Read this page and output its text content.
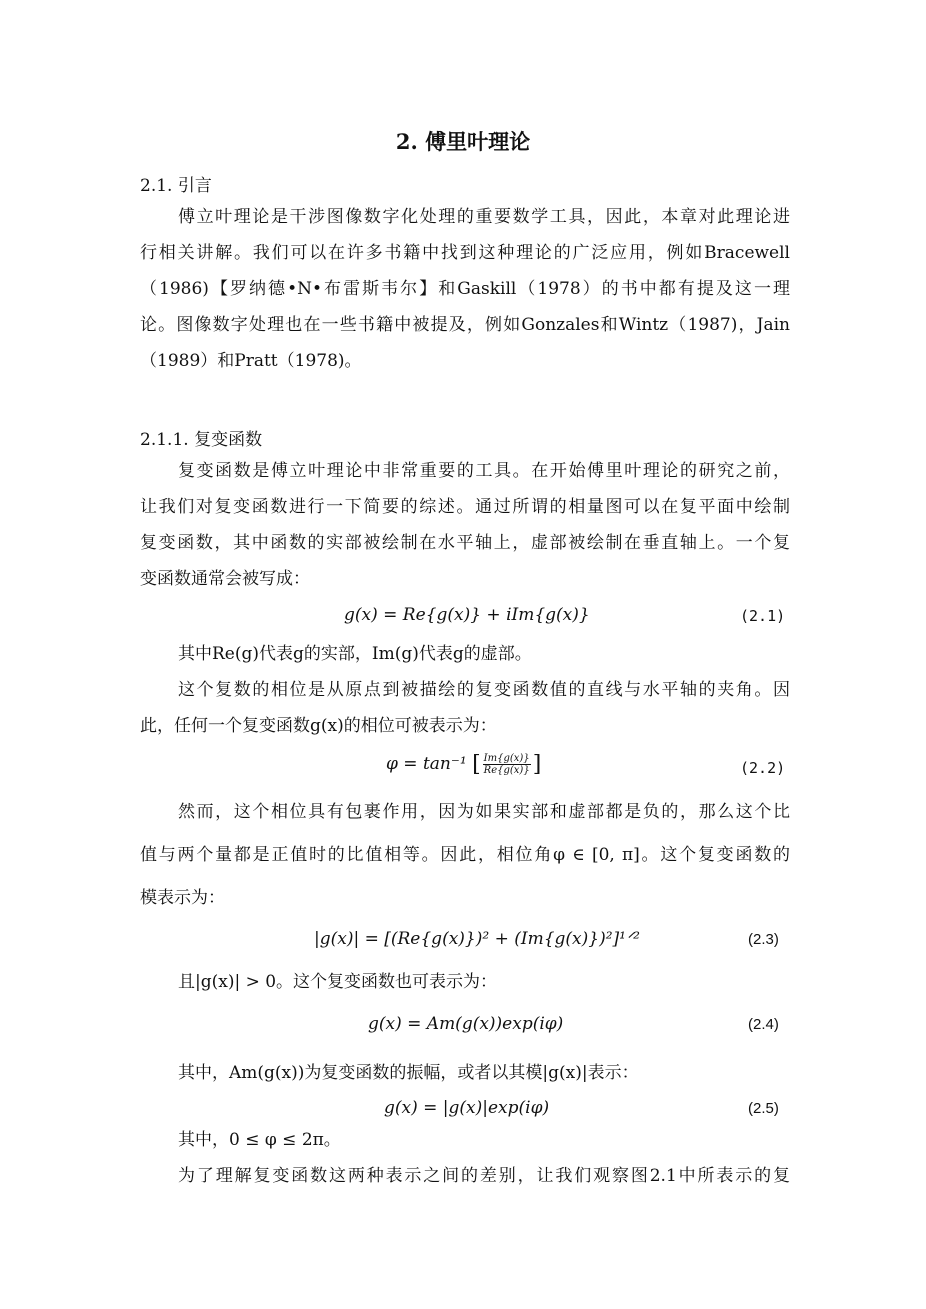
2. 傅里叶理论
2.1. 引言
傅立叶理论是干涉图像数字化处理的重要数学工具，因此，本章对此理论进
行相关讲解。我们可以在许多书籍中找到这种理论的广泛应用，例如Bracewell
（1986)【罗纳德•N•布雷斯韦尔】和Gaskill（1978）的书中都有提及这一理
论。图像数字处理也在一些书籍中被提及，例如Gonzales和Wintz（1987)，Jain
（1989）和Pratt（1978)。
2.1.1. 复变函数
复变函数是傅立叶理论中非常重要的工具。在开始傅里叶理论的研究之前，
让我们对复变函数进行一下简要的综述。通过所谓的相量图可以在复平面中绘制
复变函数，其中函数的实部被绘制在水平轴上，虚部被绘制在垂直轴上。一个复
变函数通常会被写成：
g(x) = Re{g(x)} + iIm{g(x)}	(2.1)
其中Re(g)代表g的实部，Im(g)代表g的虚部。
这个复数的相位是从原点到被描绘的复变函数值的直线与水平轴的夹角。因
此，任何一个复变函数g(x)的相位可被表示为：
φ = tan⁻¹ [ $\frac{Im\{g(x)\}}{Re\{g(x)\}}$ ]	(2.2)
然而，这个相位具有包裹作用，因为如果实部和虚部都是负的，那么这个比
值与两个量都是正值时的比值相等。因此，相位角φ ∈ [0, π]。这个复变函数的
模表示为：
|g(x)| = [(Re{g(x)})² + (Im{g(x)})²]¹ᐟ²	(2.3)
且|g(x)| > 0。这个复变函数也可表示为：
g(x) = Am(g(x))exp(iφ)	(2.4)
其中，Am(g(x))为复变函数的振幅，或者以其模|g(x)|表示：
g(x) = |g(x)|exp(iφ)	(2.5)
其中，0 ≤ φ ≤ 2π。
为了理解复变函数这两种表示之间的差别，让我们观察图2.1中所表示的复
